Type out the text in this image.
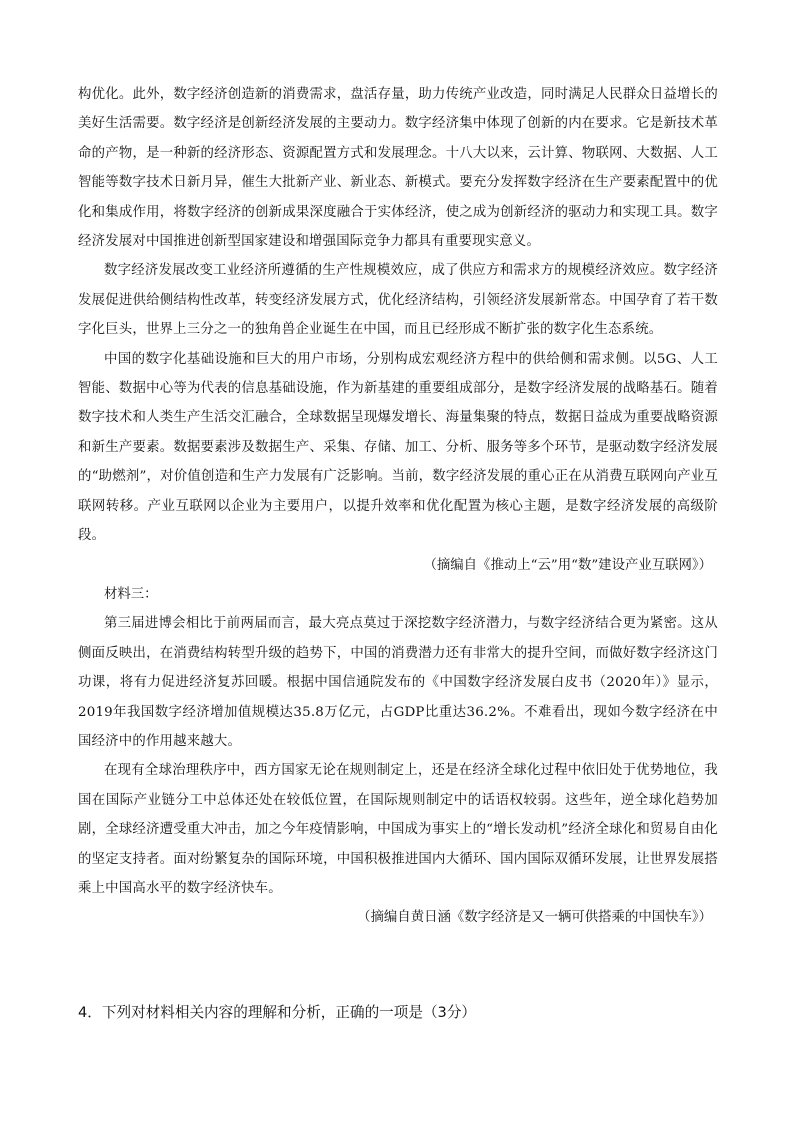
构优化。此外，数字经济创造新的消费需求，盘活存量，助力传统产业改造，同时满足人民群众日益增长的美好生活需要。数字经济是创新经济发展的主要动力。数字经济集中体现了创新的内在要求。它是新技术革命的产物，是一种新的经济形态、资源配置方式和发展理念。十八大以来，云计算、物联网、大数据、人工智能等数字技术日新月异，催生大批新产业、新业态、新模式。要充分发挥数字经济在生产要素配置中的优化和集成作用，将数字经济的创新成果深度融合于实体经济，使之成为创新经济的驱动力和实现工具。数字经济发展对中国推进创新型国家建设和增强国际竞争力都具有重要现实意义。

数字经济发展改变工业经济所遵循的生产性规模效应，成了供应方和需求方的规模经济效应。数字经济发展促进供给侧结构性改革，转变经济发展方式，优化经济结构，引领经济发展新常态。中国孕育了若干数字化巨头，世界上三分之一的独角兽企业诞生在中国，而且已经形成不断扩张的数字化生态系统。

中国的数字化基础设施和巨大的用户市场，分别构成宏观经济方程中的供给侧和需求侧。以5G、人工智能、数据中心等为代表的信息基础设施，作为新基建的重要组成部分，是数字经济发展的战略基石。随着数字技术和人类生产生活交汇融合，全球数据呈现爆发增长、海量集聚的特点，数据日益成为重要战略资源和新生产要素。数据要素涉及数据生产、采集、存储、加工、分析、服务等多个环节，是驱动数字经济发展的“助燃剂”，对价值创造和生产力发展有广泛影响。当前，数字经济发展的重心正在从消费互联网向产业互联网转移。产业互联网以企业为主要用户，以提升效率和优化配置为核心主题，是数字经济发展的高级阶段。

（摘编自《推动上“云”用“数”建设产业互联网》）

材料三：

第三届进博会相比于前两届而言，最大亮点莫过于深挖数字经济潜力，与数字经济结合更为紧密。这从侧面反映出，在消费结构转型升级的趋势下，中国的消费潜力还有非常大的提升空间，而做好数字经济这门功课，将有力促进经济复苏回暖。根据中国信通院发布的《中国数字经济发展白皮书（2020年）》显示，2019年我国数字经济增加值规模达35.8万亿元，占GDP比重达36.2%。不难看出，现如今数字经济在中国经济中的作用越来越大。

在现有全球治理秩序中，西方国家无论在规则制定上，还是在经济全球化过程中依旧处于优势地位，我国在国际产业链分工中总体还处在较低位置，在国际规则制定中的话语权较弱。这些年，逆全球化趋势加剧，全球经济遭受重大冲击，加之今年疫情影响，中国成为事实上的“增长发动机”经济全球化和贸易自由化的坚定支持者。面对纷繁复杂的国际环境，中国积极推进国内大循环、国内国际双循环发展，让世界发展搭乘上中国高水平的数字经济快车。

（摘编自黄日涵《数字经济是又一辆可供搭乘的中国快车》）

4．下列对材料相关内容的理解和分析，正确的一项是（3分）
